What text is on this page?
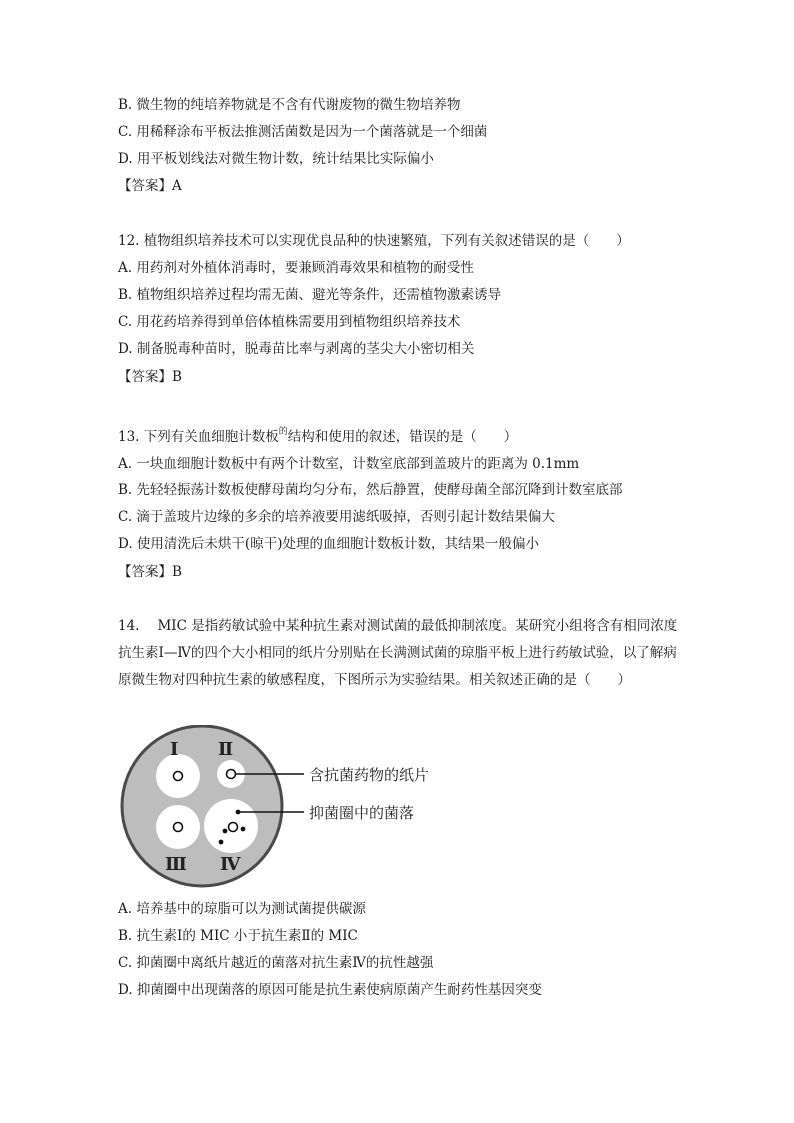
B. 微生物的纯培养物就是不含有代谢废物的微生物培养物
C. 用稀释涂布平板法推测活菌数是因为一个菌落就是一个细菌
D. 用平板划线法对微生物计数，统计结果比实际偏小
【答案】A
12. 植物组织培养技术可以实现优良品种的快速繁殖，下列有关叙述错误的是（　　）
A. 用药剂对外植体消毒时，要兼顾消毒效果和植物的耐受性
B. 植物组织培养过程均需无菌、避光等条件，还需植物激素诱导
C. 用花药培养得到单倍体植株需要用到植物组织培养技术
D. 制备脱毒种苗时，脱毒苗比率与剥离的茎尖大小密切相关
【答案】B
13. 下列有关血细胞计数板$^的$结构和使用的叙述，错误的是（　　）
A. 一块血细胞计数板中有两个计数室，计数室底部到盖玻片的距离为 0.1mm
B. 先轻轻振荡计数板使酵母菌均匀分布，然后静置，使酵母菌全部沉降到计数室底部
C. 滴于盖玻片边缘的多余的培养液要用滤纸吸掉，否则引起计数结果偏大
D. 使用清洗后未烘干(晾干)处理的血细胞计数板计数，其结果一般偏小
【答案】B
14. MIC 是指药敏试验中某种抗生素对测试菌的最低抑制浓度。某研究小组将含有相同浓度抗生素Ⅰ—Ⅳ的四个大小相同的纸片分别贴在长满测试菌的琼脂平板上进行药敏试验，以了解病原微生物对四种抗生素的敏感程度，下图所示为实验结果。相关叙述正确的是（　　）
Ⅰ Ⅱ
Ⅲ Ⅳ
含抗菌药物的纸片
抑菌圈中的菌落
A. 培养基中的琼脂可以为测试菌提供碳源
B. 抗生素Ⅰ的 MIC 小于抗生素Ⅱ的 MIC
C. 抑菌圈中离纸片越近的菌落对抗生素Ⅳ的抗性越强
D. 抑菌圈中出现菌落的原因可能是抗生素使病原菌产生耐药性基因突变
